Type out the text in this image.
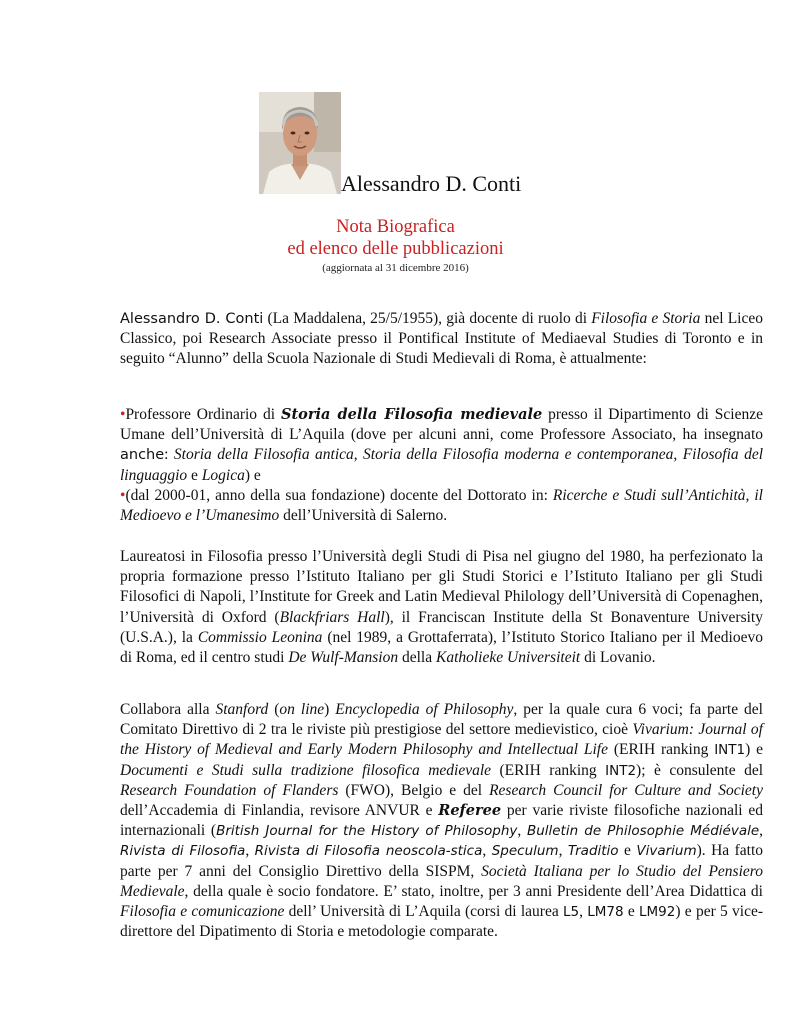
Alessandro D. Conti
Nota Biografica
ed elenco delle pubblicazioni
(aggiornata al 31 dicembre 2016)

Alessandro D. Conti (La Maddalena, 25/5/1955), già docente di ruolo di Filosofia e Storia nel Liceo Classico, poi Research Associate presso il Pontifical Institute of Mediaeval Studies di Toronto e in seguito “Alunno” della Scuola Nazionale di Studi Medievali di Roma, è attualmente:

•Professore Ordinario di Storia della Filosofia medievale presso il Dipartimento di Scienze Umane dell’Università di L’Aquila (dove per alcuni anni, come Professore Associato, ha insegnato anche: Storia della Filosofia antica, Storia della Filosofia moderna e contemporanea, Filosofia del linguaggio e Logica) e

•(dal 2000-01, anno della sua fondazione) docente del Dottorato in: Ricerche e Studi sull’Antichità, il Medioevo e l’Umanesimo dell’Università di Salerno.

Laureatosi in Filosofia presso l’Università degli Studi di Pisa nel giugno del 1980, ha perfezionato la propria formazione presso l’Istituto Italiano per gli Studi Storici e l’Istituto Italiano per gli Studi Filosofici di Napoli, l’Institute for Greek and Latin Medieval Philology dell’Università di Copenaghen, l’Università di Oxford (Blackfriars Hall), il Franciscan Institute della St Bonaventure University (U.S.A.), la Commissio Leonina (nel 1989, a Grottaferrata), l’Istituto Storico Italiano per il Medioevo di Roma, ed il centro studi De Wulf-Mansion della Katholieke Universiteit di Lovanio.

Collabora alla Stanford (on line) Encyclopedia of Philosophy, per la quale cura 6 voci; fa parte del Comitato Direttivo di 2 tra le riviste più prestigiose del settore medievistico, cioè Vivarium: Journal of the History of Medieval and Early Modern Philosophy and Intellectual Life (ERIH ranking INT1) e Documenti e Studi sulla tradizione filosofica medievale (ERIH ranking INT2); è consulente del Research Foundation of Flanders (FWO), Belgio e del Research Council for Culture and Society dell’Accademia di Finlandia, revisore ANVUR e Referee per varie riviste filosofiche nazionali ed internazionali (British Journal for the History of Philosophy, Bulletin de Philosophie Médiévale, Rivista di Filosofia, Rivista di Filosofia neoscola-stica, Speculum, Traditio e Vivarium). Ha fatto parte per 7 anni del Consiglio Direttivo della SISPM, Società Italiana per lo Studio del Pensiero Medievale, della quale è socio fondatore. E’ stato, inoltre, per 3 anni Presidente dell’Area Didattica di Filosofia e comunicazione dell’ Università di L’Aquila (corsi di laurea L5, LM78 e LM92) e per 5 vice-direttore del Dipatimento di Storia e metodologie comparate.
